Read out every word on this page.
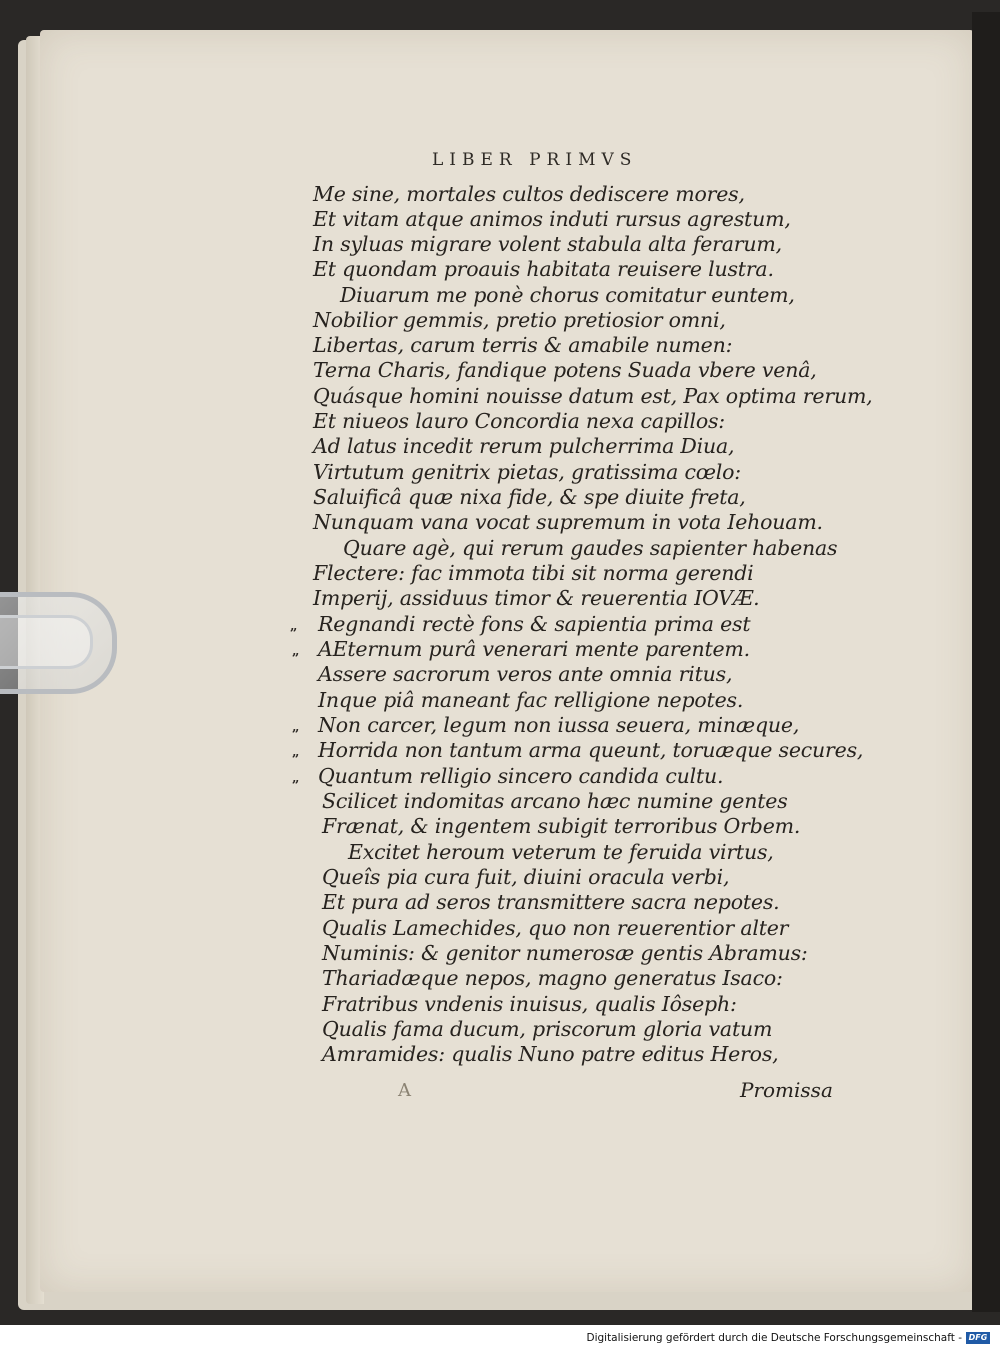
LIBER PRIMVS
Me sine, mortales cultos dediscere mores,
Et vitam atque animos induti rursus agrestum,
In syluas migrare volent stabula alta ferarum,
Et quondam proauis habitata reuisere lustra.
Diuarum me ponè chorus comitatur euntem,
Nobilior gemmis, pretio pretiosior omni,
Libertas, carum terris & amabile numen:
Terna Charis, fandique potens Suada vbere venâ,
Quásque homini nouisse datum est, Pax optima rerum,
Et niueos lauro Concordia nexa capillos:
Ad latus incedit rerum pulcherrima Diua,
Virtutum genitrix pietas, gratissima cœlo:
Saluificâ quæ nixa fide, & spe diuite freta,
Nunquam vana vocat supremum in vota Iehouam.
Quare agè, qui rerum gaudes sapienter habenas
Flectere: fac immota tibi sit norma gerendi
Imperij, assiduus timor & reuerentia IOVÆ.
„ Regnandi rectè fons & sapientia prima est
„ AEternum purâ venerari mente parentem.
Assere sacrorum veros ante omnia ritus,
Inque piâ maneant fac relligione nepotes.
„ Non carcer, legum non iussa seuera, minæque,
„ Horrida non tantum arma queunt, toruæque secures,
„ Quantum relligio sincero candida cultu.
Scilicet indomitas arcano hæc numine gentes
Frænat, & ingentem subigit terroribus Orbem.
Excitet heroum veterum te feruida virtus,
Queîs pia cura fuit, diuini oracula verbi,
Et pura ad seros transmittere sacra nepotes.
Qualis Lamechides, quo non reuerentior alter
Numinis: & genitor numerosæ gentis Abramus:
Thariadæque nepos, magno generatus Isaco:
Fratribus vndenis inuisus, qualis Iôseph:
Qualis fama ducum, priscorum gloria vatum
Amramides: qualis Nuno patre editus Heros,
A	Promissa
Digitalisierung gefördert durch die Deutsche Forschungsgemeinschaft - DFG
